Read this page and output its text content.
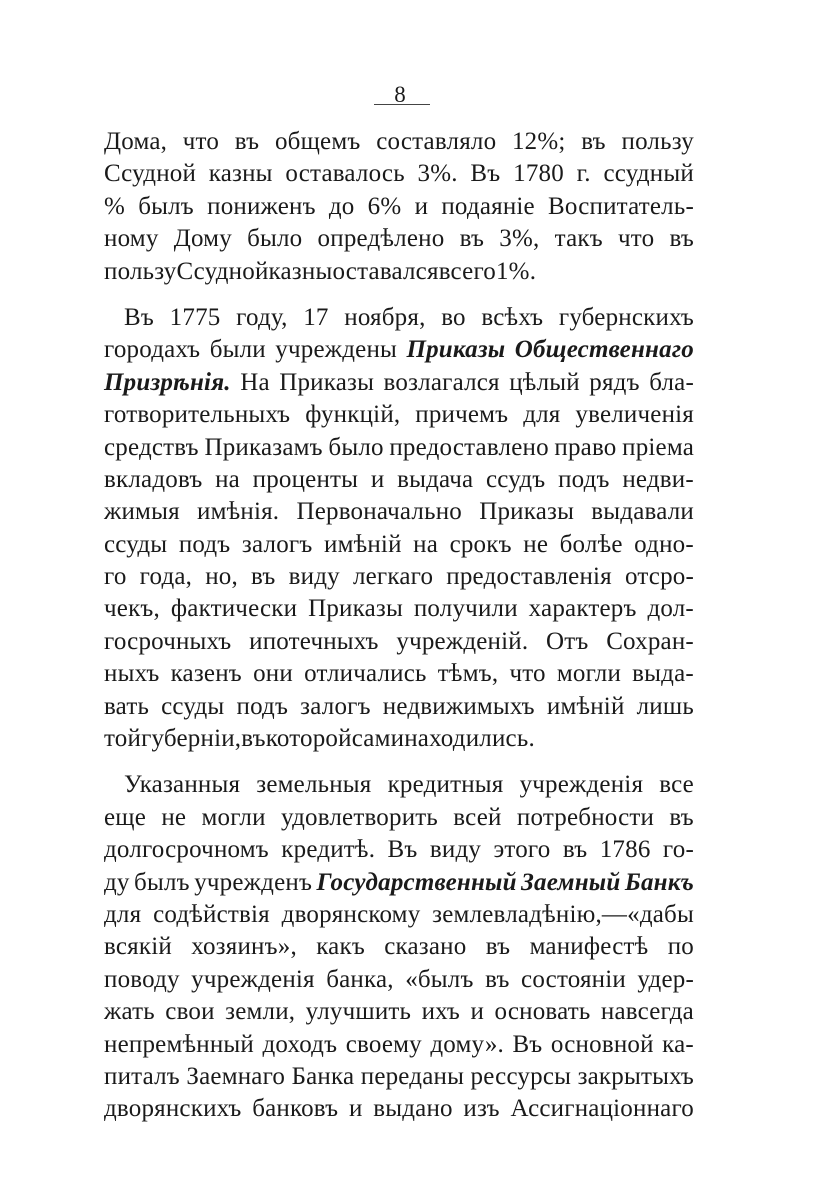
8
Дома, что въ общемъ составляло 12%; въ пользу
Ссудной казны оставалось 3%. Въ 1780 г. ссудный
% былъ пониженъ до 6% и подаяніе Воспитатель-
ному Дому было опредѣлено въ 3%, такъ что въ
пользу Ссудной казны оставался всего 1%.
Въ 1775 году, 17 ноября, во всѣхъ губернскихъ
городахъ были учреждены Приказы Общественнаго
Призрѣнія. На Приказы возлагался цѣлый рядъ бла-
готворительныхъ функцій, причемъ для увеличенія
средствъ Приказамъ было предоставлено право пріема
вкладовъ на проценты и выдача ссудъ подъ недви-
жимыя имѣнія. Первоначально Приказы выдавали
ссуды подъ залогъ имѣній на срокъ не болѣе одно-
го года, но, въ виду легкаго предоставленія отсро-
чекъ, фактически Приказы получили характеръ дол-
госрочныхъ ипотечныхъ учрежденій. Отъ Сохран-
ныхъ казенъ они отличались тѣмъ, что могли выда-
вать ссуды подъ залогъ недвижимыхъ имѣній лишь
той губерніи, въ которой сами находились.
Указанныя земельныя кредитныя учрежденія все
еще не могли удовлетворить всей потребности въ
долгосрочномъ кредитѣ. Въ виду этого въ 1786 го-
ду былъ учрежденъ Государственный Заемный Банкъ
для содѣйствія дворянскому землевладѣнію,—«дабы
всякій хозяинъ», какъ сказано въ манифестѣ по
поводу учрежденія банка, «былъ въ состояніи удер-
жать свои земли, улучшить ихъ и основать навсегда
непремѣнный доходъ своему дому». Въ основной ка-
питалъ Заемнаго Банка переданы рессурсы закрытыхъ
дворянскихъ банковъ и выдано изъ Ассигнаціоннаго
